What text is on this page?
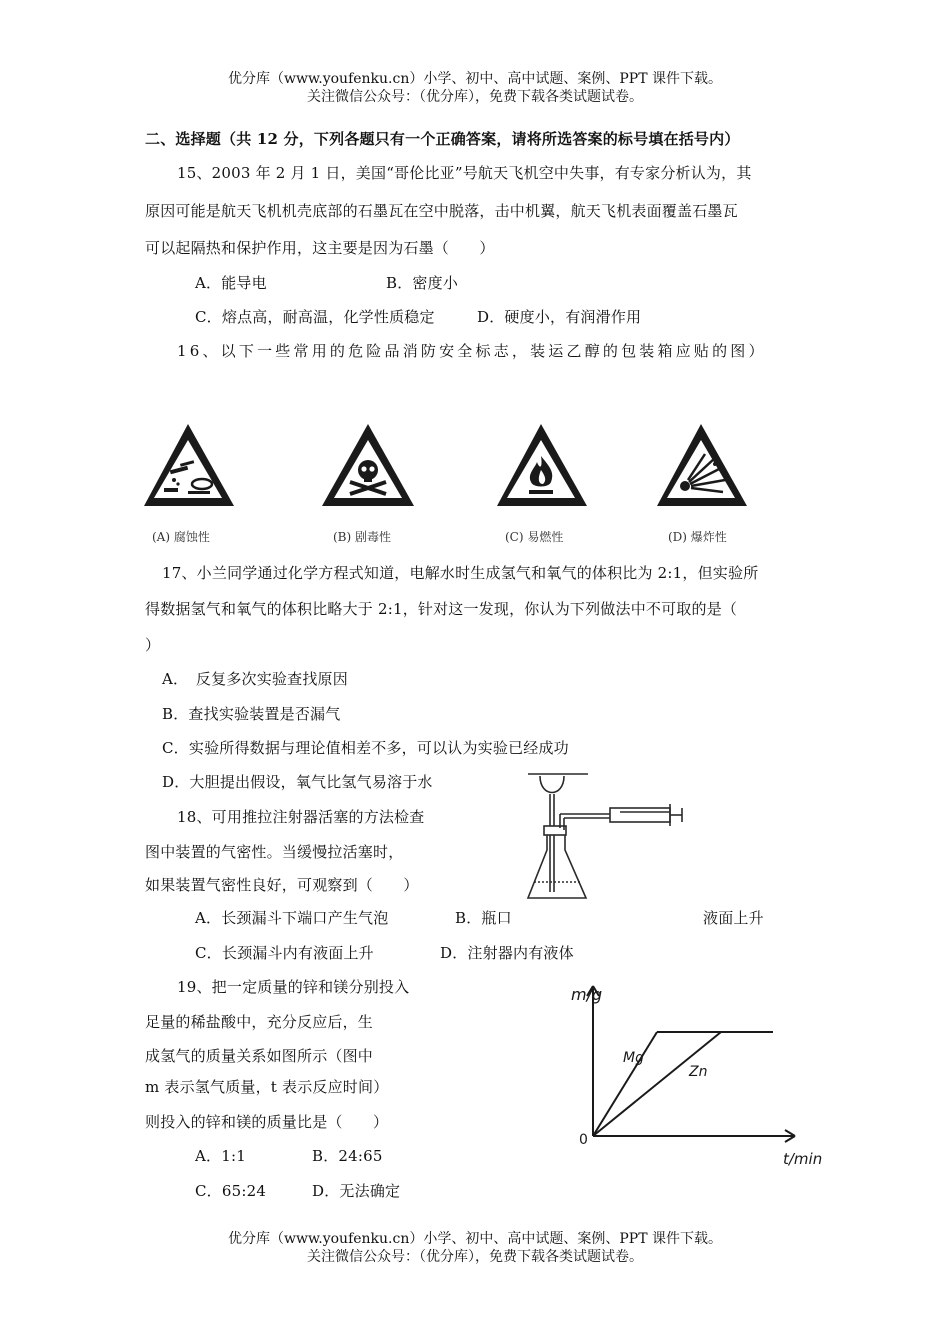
优分库（www.youfenku.cn）小学、初中、高中试题、案例、PPT 课件下载。
关注微信公众号：（优分库），免费下载各类试题试卷。
二、选择题（共 12 分，下列各题只有一个正确答案，请将所选答案的标号填在括号内）
15、2003 年 2 月 1 日，美国“哥伦比亚”号航天飞机空中失事，有专家分析认为，其
原因可能是航天飞机机壳底部的石墨瓦在空中脱落，击中机翼，航天飞机表面覆盖石墨瓦
可以起隔热和保护作用，这主要是因为石墨（　　）
A．能导电	B．密度小
C．熔点高，耐高温，化学性质稳定	D．硬度小，有润滑作用
16、以下一些常用的危险品消防安全标志，装运乙醇的包装箱应贴的图）
(A) 腐蚀性	(B) 剧毒性	(C) 易燃性	(D) 爆炸性
17、小兰同学通过化学方程式知道，电解水时生成氢气和氧气的体积比为 2:1，但实验所
得数据氢气和氧气的体积比略大于 2:1，针对这一发现，你认为下列做法中不可取的是（
）
A．　反复多次实验查找原因
B．查找实验装置是否漏气
C．实验所得数据与理论值相差不多，可以认为实验已经成功
D．大胆提出假设，氧气比氢气易溶于水
18、可用推拉注射器活塞的方法检查
图中装置的气密性。当缓慢拉活塞时，
如果装置气密性良好，可观察到（　　）
A．长颈漏斗下端口产生气泡	B．瓶口	液面上升
C．长颈漏斗内有液面上升	D．注射器内有液体
19、把一定质量的锌和镁分别投入
足量的稀盐酸中，充分反应后，生
成氢气的质量关系如图所示（图中
m 表示氢气质量，t 表示反应时间）
则投入的锌和镁的质量比是（　　）
A．1:1	B．24:65
C．65:24	D．无法确定
m/g
0
t/min
Mg
Zn
优分库（www.youfenku.cn）小学、初中、高中试题、案例、PPT 课件下载。
关注微信公众号：（优分库），免费下载各类试题试卷。
